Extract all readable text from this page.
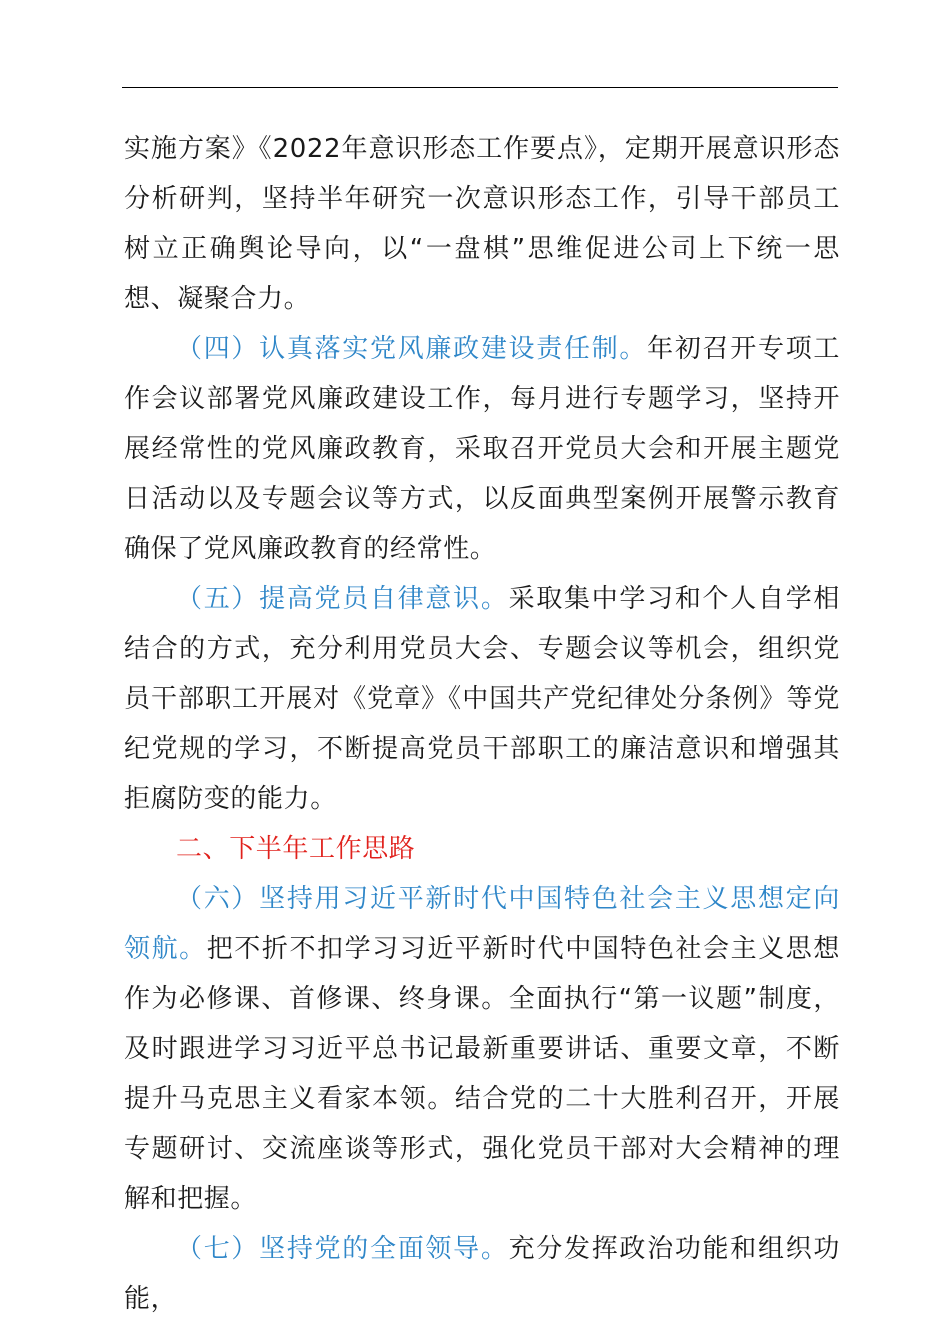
实施方案》《2022年意识形态工作要点》，定期开展意识形态分析研判，坚持半年研究一次意识形态工作，引导干部员工树立正确舆论导向，以“一盘棋”思维促进公司上下统一思想、凝聚合力。

（四）认真落实党风廉政建设责任制。年初召开专项工作会议部署党风廉政建设工作，每月进行专题学习，坚持开展经常性的党风廉政教育，采取召开党员大会和开展主题党日活动以及专题会议等方式，以反面典型案例开展警示教育确保了党风廉政教育的经常性。

（五）提高党员自律意识。采取集中学习和个人自学相结合的方式，充分利用党员大会、专题会议等机会，组织党员干部职工开展对《党章》《中国共产党纪律处分条例》等党纪党规的学习，不断提高党员干部职工的廉洁意识和增强其拒腐防变的能力。

二、下半年工作思路

（六）坚持用习近平新时代中国特色社会主义思想定向领航。把不折不扣学习习近平新时代中国特色社会主义思想作为必修课、首修课、终身课。全面执行“第一议题”制度，及时跟进学习习近平总书记最新重要讲话、重要文章，不断提升马克思主义看家本领。结合党的二十大胜利召开，开展专题研讨、交流座谈等形式，强化党员干部对大会精神的理解和把握。

（七）坚持党的全面领导。充分发挥政治功能和组织功能，
